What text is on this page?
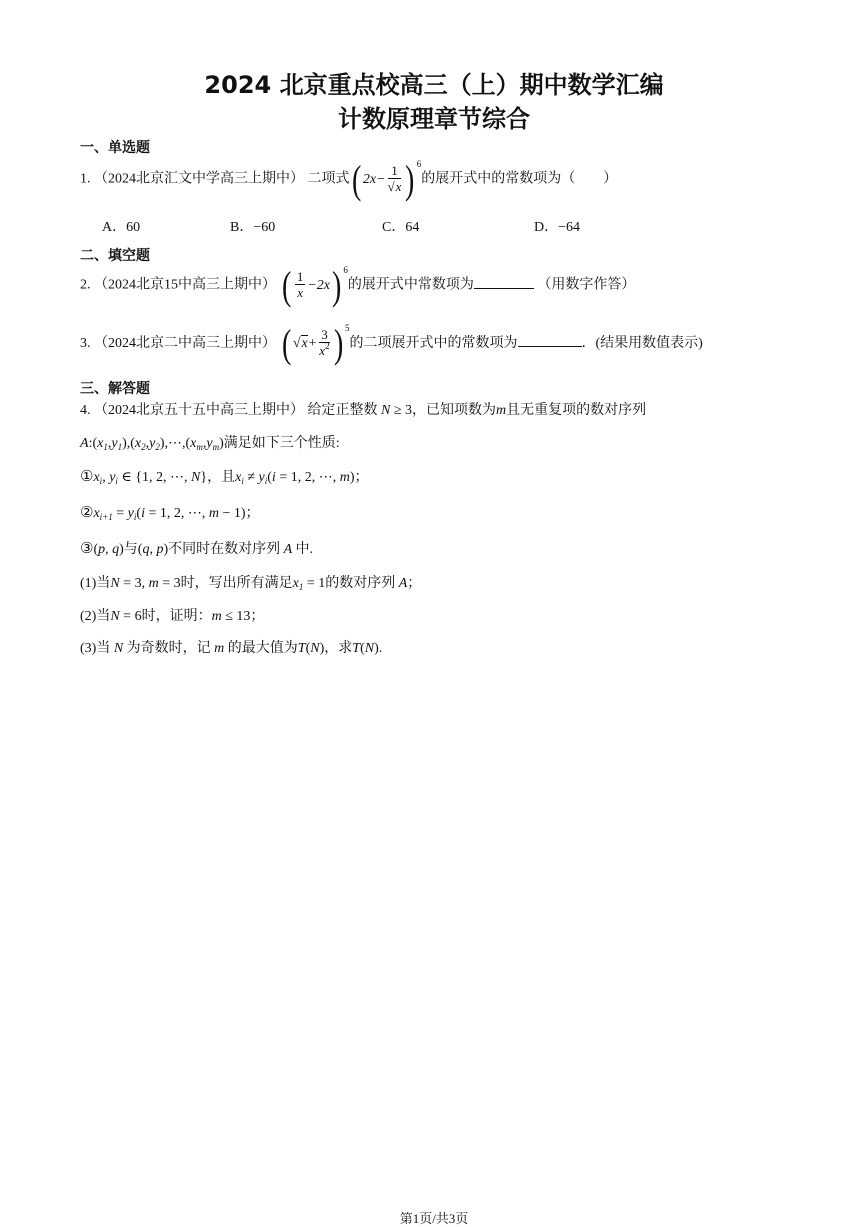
2024 北京重点校高三（上）期中数学汇编
计数原理章节综合
一、单选题
1. （2024北京汇文中学高三上期中） 二项式( $2x- \frac{1}{√x}$ ) $^6$的展开式中的常数项为（　　）
A．60	B．−60	C．64	D．−64
二、填空题
2. （2024北京15中高三上期中） ( $\frac{1}{x} -2x$) $^6$的展开式中常数项为	（用数字作答）
3. （2024北京二中高三上期中） ( $√x+ \frac{3}{x^2}$ ) $^5$的二项展开式中的常数项为	．(结果用数值表示)
三、解答题
4. （2024北京五十五中高三上期中） 给定正整数 N ≥ 3，已知项数为m且无重复项的数对序列
$A:(x_1,y_1),(x_2,y_2),\cdots,(x_m,y_m)$满足如下三个性质:
$①x_i$, $y_i$ ∈ {1, 2, ⋯, N}，且$x_i \ne y_i(i = 1$, 2, ⋯, m)；
$②x_{i+1} = y_i(i = 1$, 2, ⋯, m − 1)；
③(p, q)与(q, p)不同时在数对序列 A 中.
(1)当N = 3, m = 3时，写出所有满足$x_1 = 1$的数对序列 A；
(2)当N = 6时，证明：m ≤ 13；
(3)当 N 为奇数时，记 m 的最大值为T(N)，求T(N).
第1页/共3页
